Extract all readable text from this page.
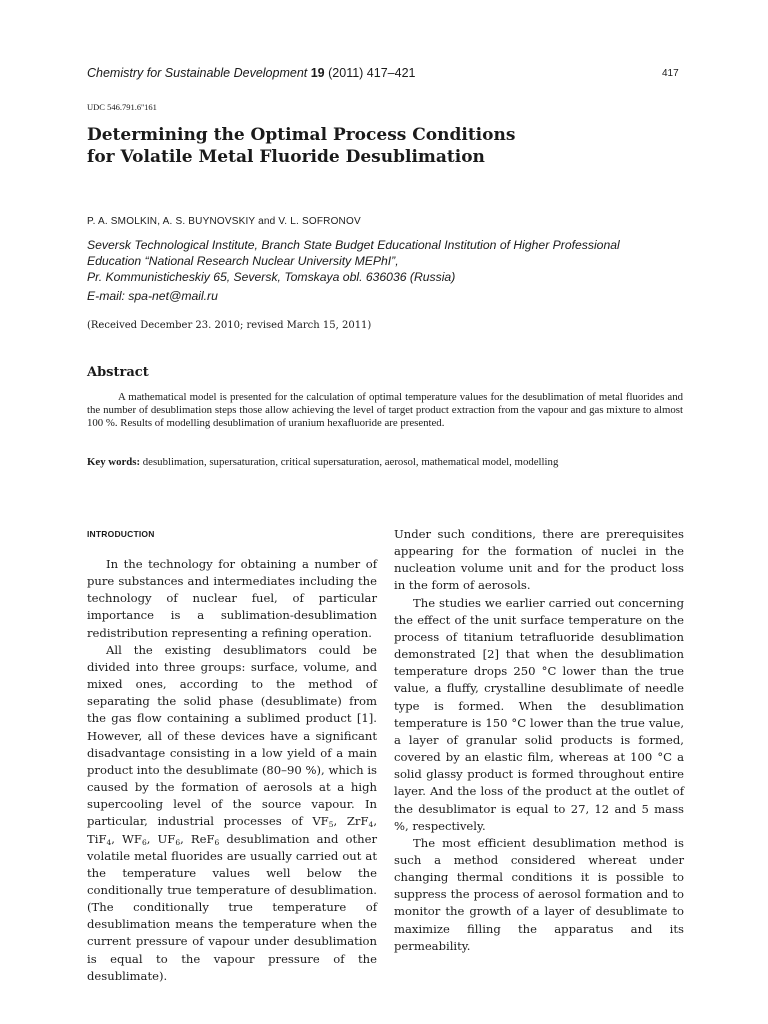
Chemistry for Sustainable Development 19 (2011) 417–421	417
UDC 546.791.6''161
Determining the Optimal Process Conditions
for Volatile Metal Fluoride Desublimation
P. A. SMOLKIN, A. S. BUYNOVSKIY and V. L. SOFRONOV
Seversk Technological Institute, Branch State Budget Educational Institution of Higher Professional
Education “National Research Nuclear University MEPhI”,
Pr. Kommunisticheskiy 65, Seversk, Tomskaya obl. 636036 (Russia)
E-mail: spa-net@mail.ru
(Received December 23. 2010; revised March 15, 2011)
Abstract
A mathematical model is presented for the calculation of optimal temperature values for the desublimation of metal fluorides and the number of desublimation steps those allow achieving the level of target product extraction from the vapour and gas mixture to almost 100 %. Results of modelling desublimation of uranium hexafluoride are presented.
Key words: desublimation, supersaturation, critical supersaturation, aerosol, mathematical model, modelling
INTRODUCTION

In the technology for obtaining a number of pure substances and intermediates including the technology of nuclear fuel, of particular importance is a sublimation-desublimation redistribution representing a refining operation.

All the existing desublimators could be divided into three groups: surface, volume, and mixed ones, according to the method of separating the solid phase (desublimate) from the gas flow containing a sublimed product [1]. However, all of these devices have a significant disadvantage consisting in a low yield of a main product into the desublimate (80–90 %), which is caused by the formation of aerosols at a high supercooling level of the source vapour. In particular, industrial processes of $VF_5$, ZrF$_4$, TiF$_4$, $WF_6$, $UF_6$, ReF$_6$ desublimation and other volatile metal fluorides are usually carried out at the temperature values well below the conditionally true temperature of desublimation. (The conditionally true temperature of desublimation means the temperature when the current pressure of vapour under desublimation is equal to the vapour pressure of the desublimate).

Under such conditions, there are prerequisites appearing for the formation of nuclei in the nucleation volume unit and for the product loss in the form of aerosols.

The studies we earlier carried out concerning the effect of the unit surface temperature on the process of titanium tetrafluoride desublimation demonstrated [2] that when the desublimation temperature drops 250 °C lower than the true value, a fluffy, crystalline desublimate of needle type is formed. When the desublimation temperature is 150 °C lower than the true value, a layer of granular solid products is formed, covered by an elastic film, whereas at 100 °C a solid glassy product is formed throughout entire layer. And the loss of the product at the outlet of the desublimator is equal to 27, 12 and 5 mass %, respectively.

The most efficient desublimation method is such a method considered whereat under changing thermal conditions it is possible to suppress the process of aerosol formation and to monitor the growth of a layer of desublimate to maximize filling the apparatus and its permeability.
